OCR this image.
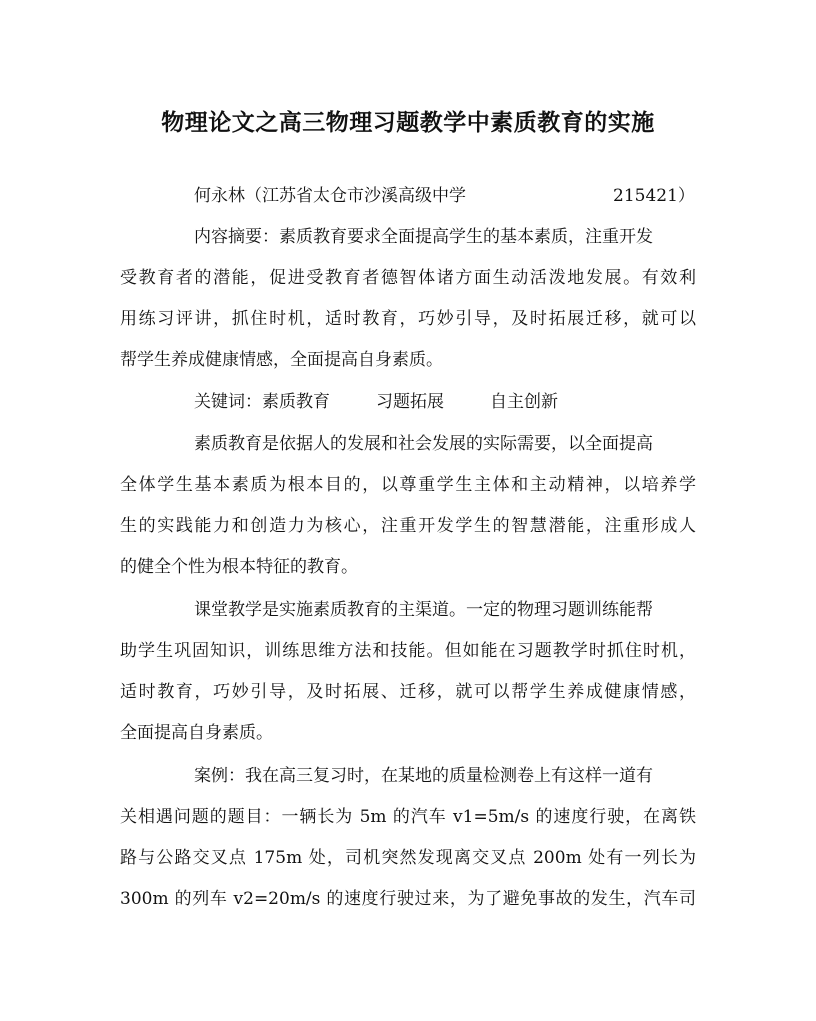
物理论文之高三物理习题教学中素质教育的实施
何永林（江苏省太仓市沙溪高级中学	215421）
内容摘要：素质教育要求全面提高学生的基本素质，注重开发
受教育者的潜能，促进受教育者德智体诸方面生动活泼地发展。有效利
用练习评讲，抓住时机，适时教育，巧妙引导，及时拓展迁移，就可以
帮学生养成健康情感，全面提高自身素质。
关键词：素质教育	习题拓展	自主创新
素质教育是依据人的发展和社会发展的实际需要，以全面提高
全体学生基本素质为根本目的，以尊重学生主体和主动精神，以培养学
生的实践能力和创造力为核心，注重开发学生的智慧潜能，注重形成人
的健全个性为根本特征的教育。
课堂教学是实施素质教育的主渠道。一定的物理习题训练能帮
助学生巩固知识，训练思维方法和技能。但如能在习题教学时抓住时机，
适时教育，巧妙引导，及时拓展、迁移，就可以帮学生养成健康情感，
全面提高自身素质。
案例：我在高三复习时，在某地的质量检测卷上有这样一道有
关相遇问题的题目：一辆长为 5m 的汽车 v1=5m/s 的速度行驶，在离铁
路与公路交叉点 175m 处，司机突然发现离交叉点 200m 处有一列长为
300m 的列车 v2=20m/s 的速度行驶过来，为了避免事故的发生，汽车司
